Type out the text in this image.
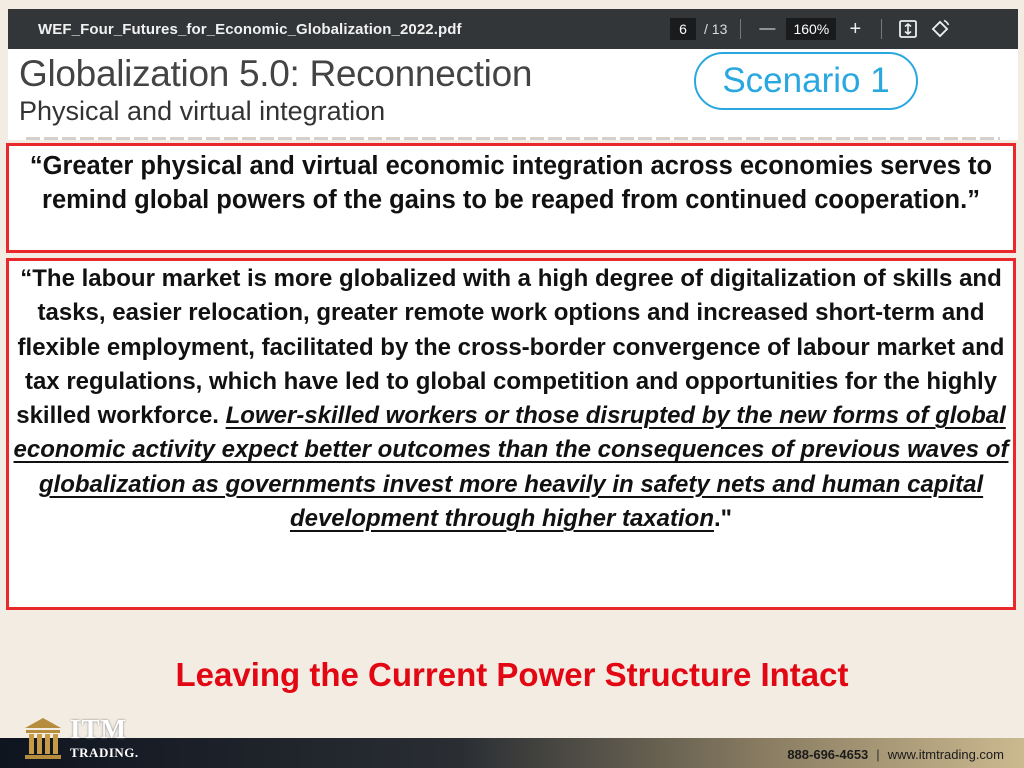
WEF_Four_Futures_for_Economic_Globalization_2022.pdf	6	/ 13 —	160%	+
Globalization 5.0: Reconnection
Physical and virtual integration
Scenario 1
“Greater physical and virtual economic integration across economies serves to remind global powers of the gains to be reaped from continued cooperation.”
“The labour market is more globalized with a high degree of digitalization of skills and tasks, easier relocation, greater remote work options and increased short-term and flexible employment, facilitated by the cross-border convergence of labour market and tax regulations, which have led to global competition and opportunities for the highly skilled workforce. Lower-skilled workers or those disrupted by the new forms of global economic activity expect better outcomes than the consequences of previous waves of globalization as governments invest more heavily in safety nets and human capital development through higher taxation."
Leaving the Current Power Structure Intact
888-696-4653 | www.itmtrading.com
ITM
TRADING.
